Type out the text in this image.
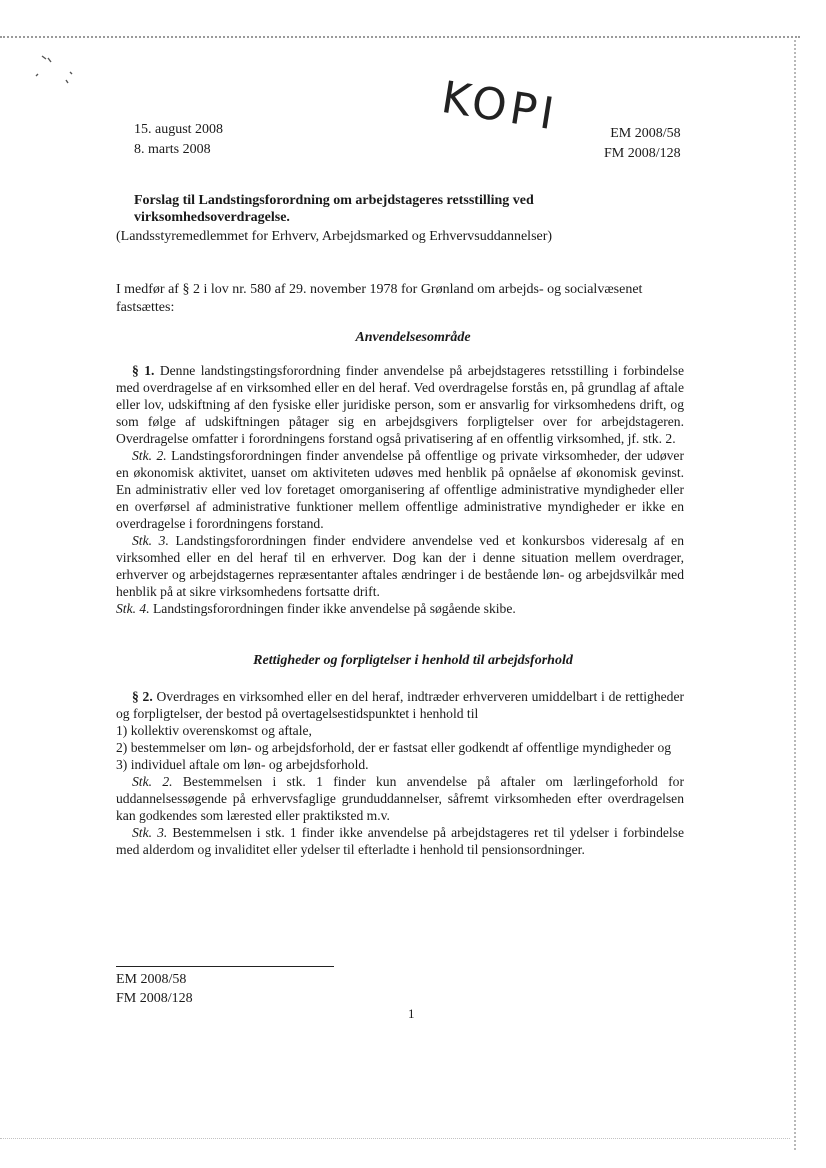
KOPI
15. august 2008
8. marts 2008
EM 2008/58
FM 2008/128
Forslag til Landstingsforordning om arbejdstageres retsstilling ved virksomhedsoverdragelse.

(Landsstyremedlemmet for Erhverv, Arbejdsmarked og Erhvervsuddannelser)

I medfør af § 2 i lov nr. 580 af 29. november 1978 for Grønland om arbejds- og socialvæsenet fastsættes:

Anvendelsesområde

§ 1. Denne landstingstingsforordning finder anvendelse på arbejdstageres retsstilling i forbindelse med overdragelse af en virksomhed eller en del heraf. Ved overdragelse forstås en, på grundlag af aftale eller lov, udskiftning af den fysiske eller juridiske person, som er ansvarlig for virksomhedens drift, og som følge af udskiftningen påtager sig en arbejdsgivers forpligtelser over for arbejdstageren. Overdragelse omfatter i forordningens forstand også privatisering af en offentlig virksomhed, jf. stk. 2.

Stk. 2. Landstingsforordningen finder anvendelse på offentlige og private virksomheder, der udøver en økonomisk aktivitet, uanset om aktiviteten udøves med henblik på opnåelse af økonomisk gevinst. En administrativ eller ved lov foretaget omorganisering af offentlige administrative myndigheder eller en overførsel af administrative funktioner mellem offentlige administrative myndigheder er ikke en overdragelse i forordningens forstand.

Stk. 3. Landstingsforordningen finder endvidere anvendelse ved et konkursbos videresalg af en virksomhed eller en del heraf til en erhverver. Dog kan der i denne situation mellem overdrager, erhverver og arbejdstagernes repræsentanter aftales ændringer i de bestående løn- og arbejdsvilkår med henblik på at sikre virksomhedens fortsatte drift.

Stk. 4. Landstingsforordningen finder ikke anvendelse på søgående skibe.

Rettigheder og forpligtelser i henhold til arbejdsforhold

§ 2. Overdrages en virksomhed eller en del heraf, indtræder erhververen umiddelbart i de rettigheder og forpligtelser, der bestod på overtagelsestidspunktet i henhold til

1) kollektiv overenskomst og aftale,

2) bestemmelser om løn- og arbejdsforhold, der er fastsat eller godkendt af offentlige myndigheder og

3) individuel aftale om løn- og arbejdsforhold.

Stk. 2. Bestemmelsen i stk. 1 finder kun anvendelse på aftaler om lærlingeforhold for uddannelsessøgende på erhvervsfaglige grunduddannelser, såfremt virksomheden efter overdragelsen kan godkendes som lærested eller praktiksted m.v.

Stk. 3. Bestemmelsen i stk. 1 finder ikke anvendelse på arbejdstageres ret til ydelser i forbindelse med alderdom og invaliditet eller ydelser til efterladte i henhold til pensionsordninger.

EM 2008/58
FM 2008/128
1
